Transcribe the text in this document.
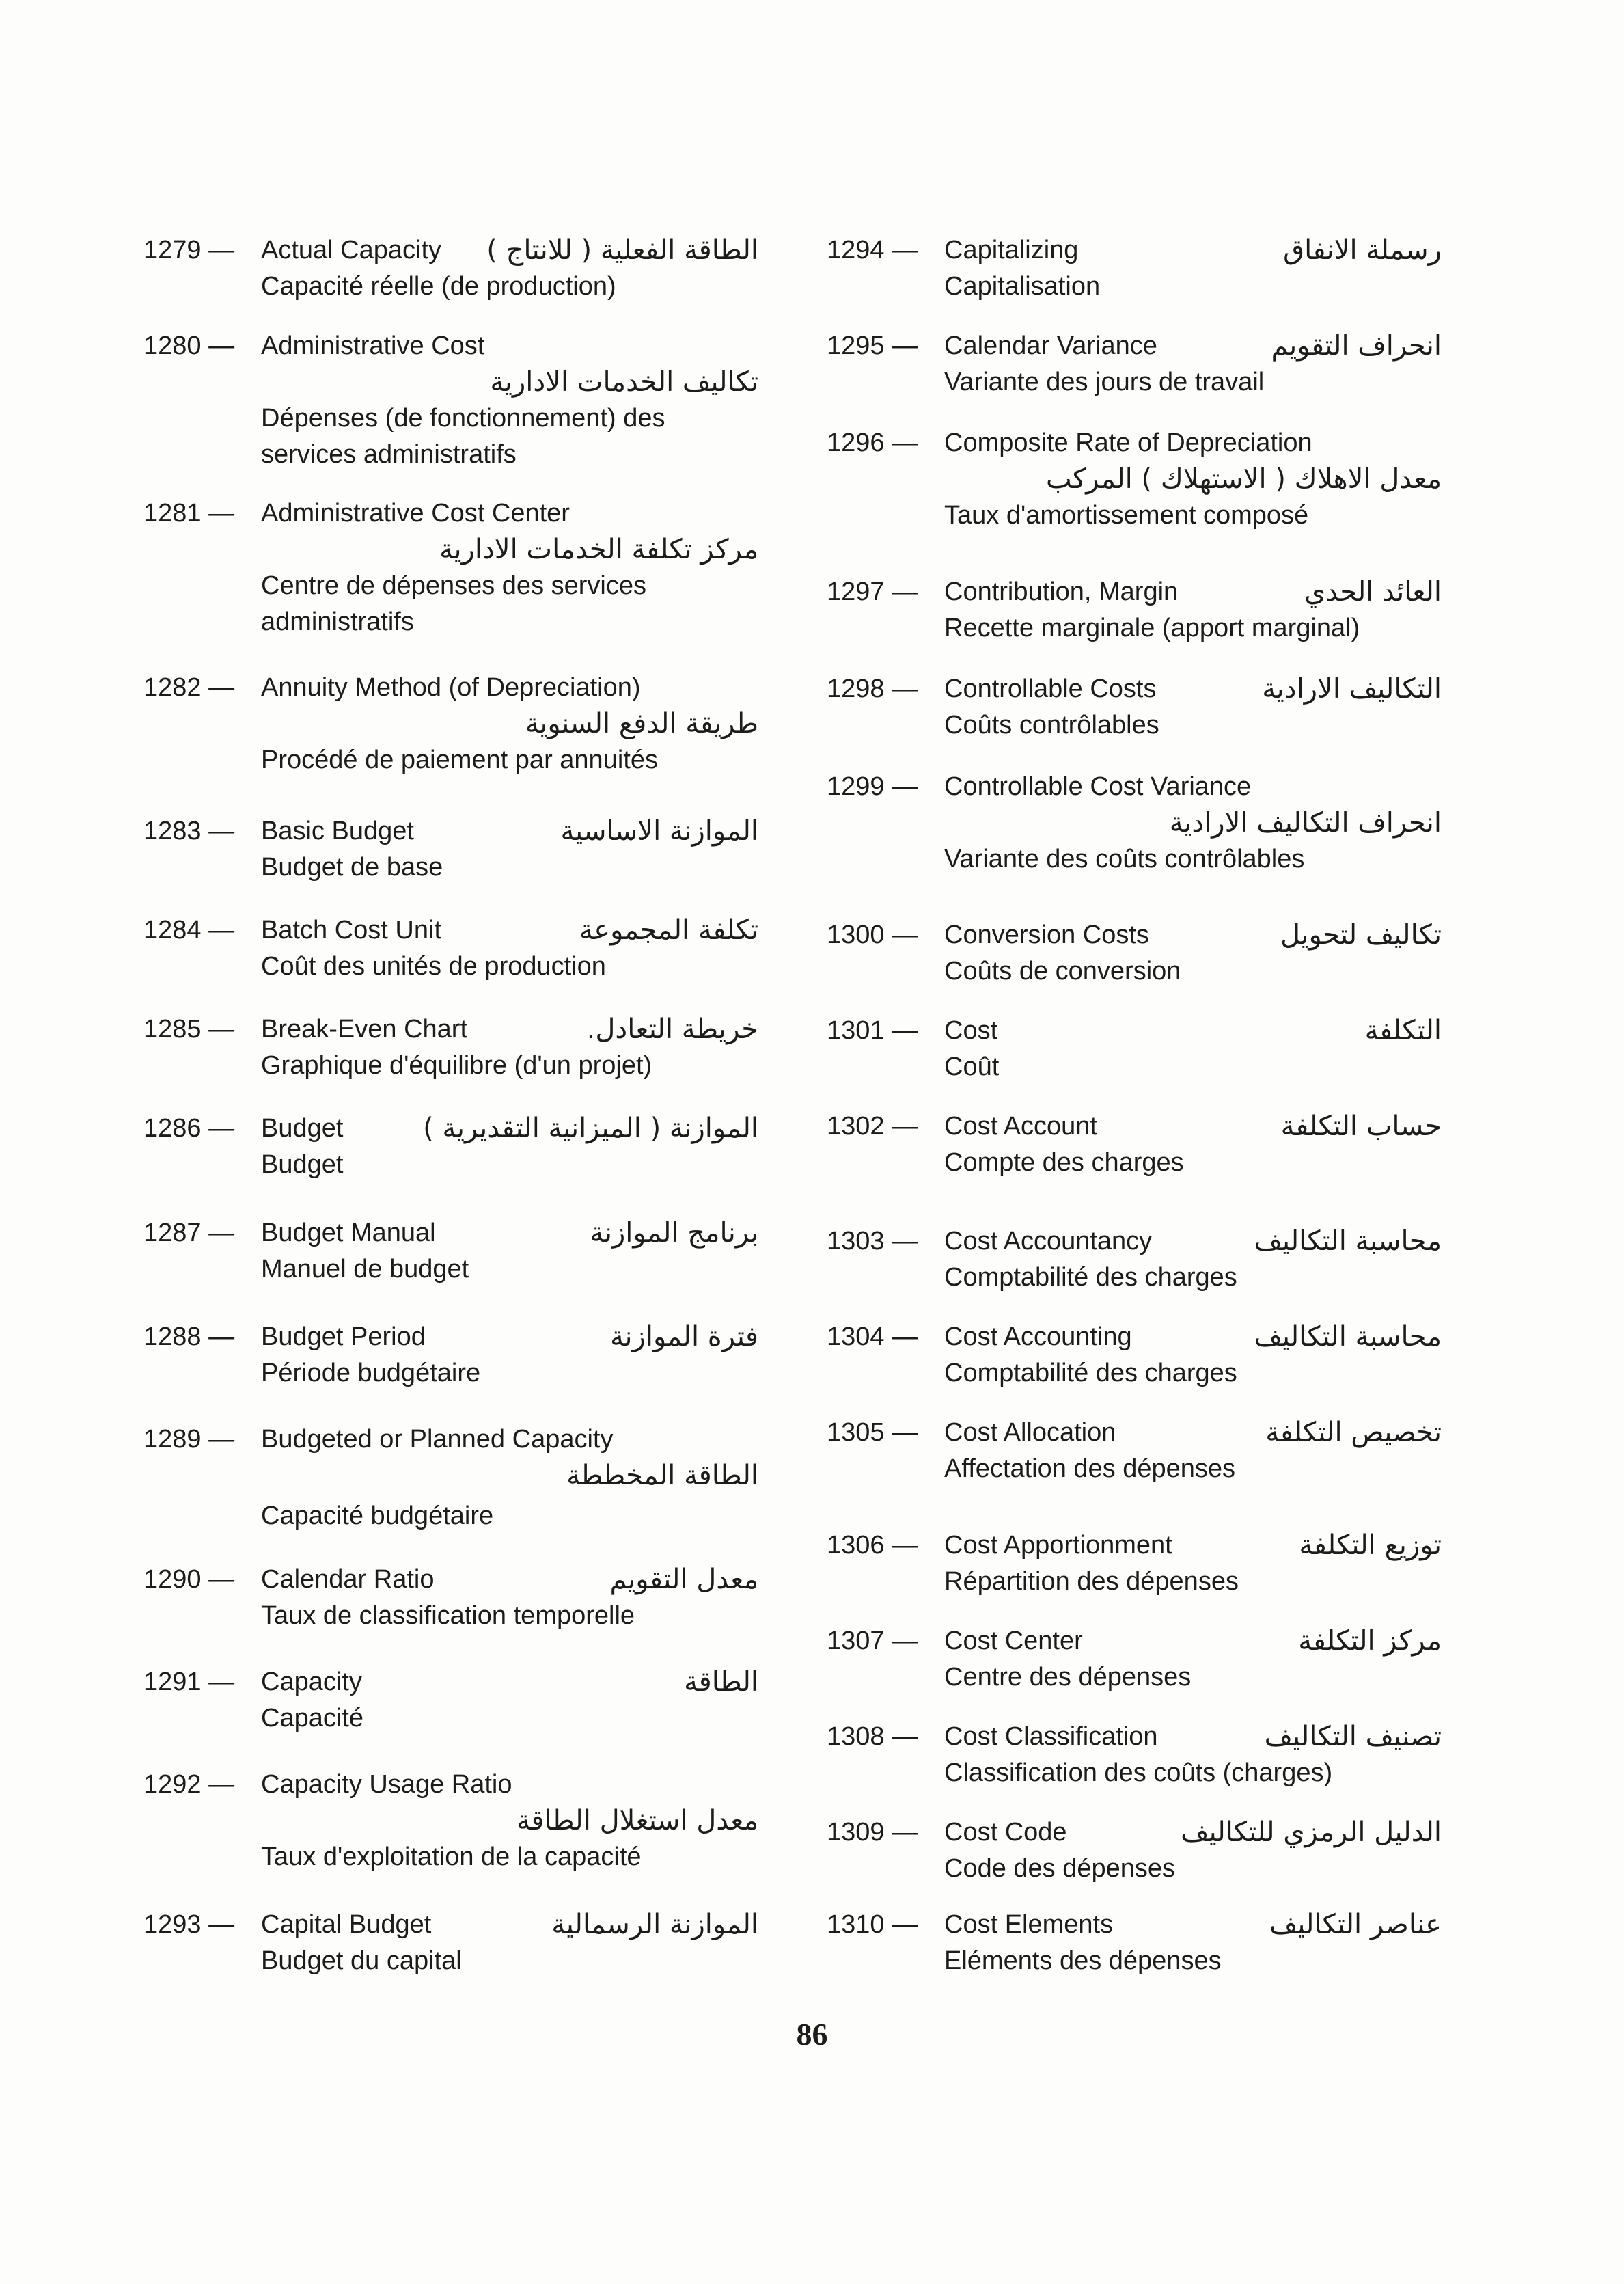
1279 —	الطاقة الفعلية ( للانتاج )
Actual Capacity
Capacité réelle (de production)
1280 — Administrative Cost
تكاليف الخدمات الادارية
Dépenses (de fonctionnement) des services administratifs
1281 — Administrative Cost Center
مركز تكلفة الخدمات الادارية
Centre de dépenses des services administratifs
1282 — Annuity Method (of Depreciation)
طريقة الدفع السنوية
Procédé de paiement par annuités
1283 —	الموازنة الاساسية
Basic Budget
Budget de base
1284 —	تكلفة المجموعة
Batch Cost Unit
Coût des unités de production
1285 —	خريطة التعادل.
Break-Even Chart
Graphique d'équilibre (d'un projet)
1286 —	الموازنة ( الميزانية التقديرية )
Budget
Budget
1287 —	برنامج الموازنة
Budget Manual
Manuel de budget
1288 —	فترة الموازنة
Budget Period
Période budgétaire
1289 — Budgeted or Planned Capacity
الطاقة المخططة
Capacité budgétaire
1290 —	معدل التقويم
Calendar Ratio
Taux de classification temporelle
1291 —	الطاقة
Capacity
Capacité
1292 — Capacity Usage Ratio
معدل استغلال الطاقة
Taux d'exploitation de la capacité
1293 —	الموازنة الرسمالية
Capital Budget
Budget du capital
1294 —	رسملة الانفاق
Capitalizing
Capitalisation
1295 —	انحراف التقويم
Calendar Variance
Variante des jours de travail
1296 — Composite Rate of Depreciation
معدل الاهلاك ( الاستهلاك ) المركب
Taux d'amortissement composé
1297 —	العائد الحدي
Contribution, Margin
Recette marginale (apport marginal)
1298 —	التكاليف الارادية
Controllable Costs
Coûts contrôlables
1299 — Controllable Cost Variance
انحراف التكاليف الارادية
Variante des coûts contrôlables
1300 —	تكاليف لتحويل
Conversion Costs
Coûts de conversion
1301 —	التكلفة
Cost
Coût
1302 —	حساب التكلفة
Cost Account
Compte des charges
1303 —	محاسبة التكاليف
Cost Accountancy
Comptabilité des charges
1304 —	محاسبة التكاليف
Cost Accounting
Comptabilité des charges
1305 —	تخصيص التكلفة
Cost Allocation
Affectation des dépenses
1306 —	توزيع التكلفة
Cost Apportionment
Répartition des dépenses
1307 —	مركز التكلفة
Cost Center
Centre des dépenses
1308 —	تصنيف التكاليف
Cost Classification
Classification des coûts (charges)
1309 —	الدليل الرمزي للتكاليف
Cost Code
Code des dépenses
1310 —	عناصر التكاليف
Cost Elements
Eléments des dépenses
86
